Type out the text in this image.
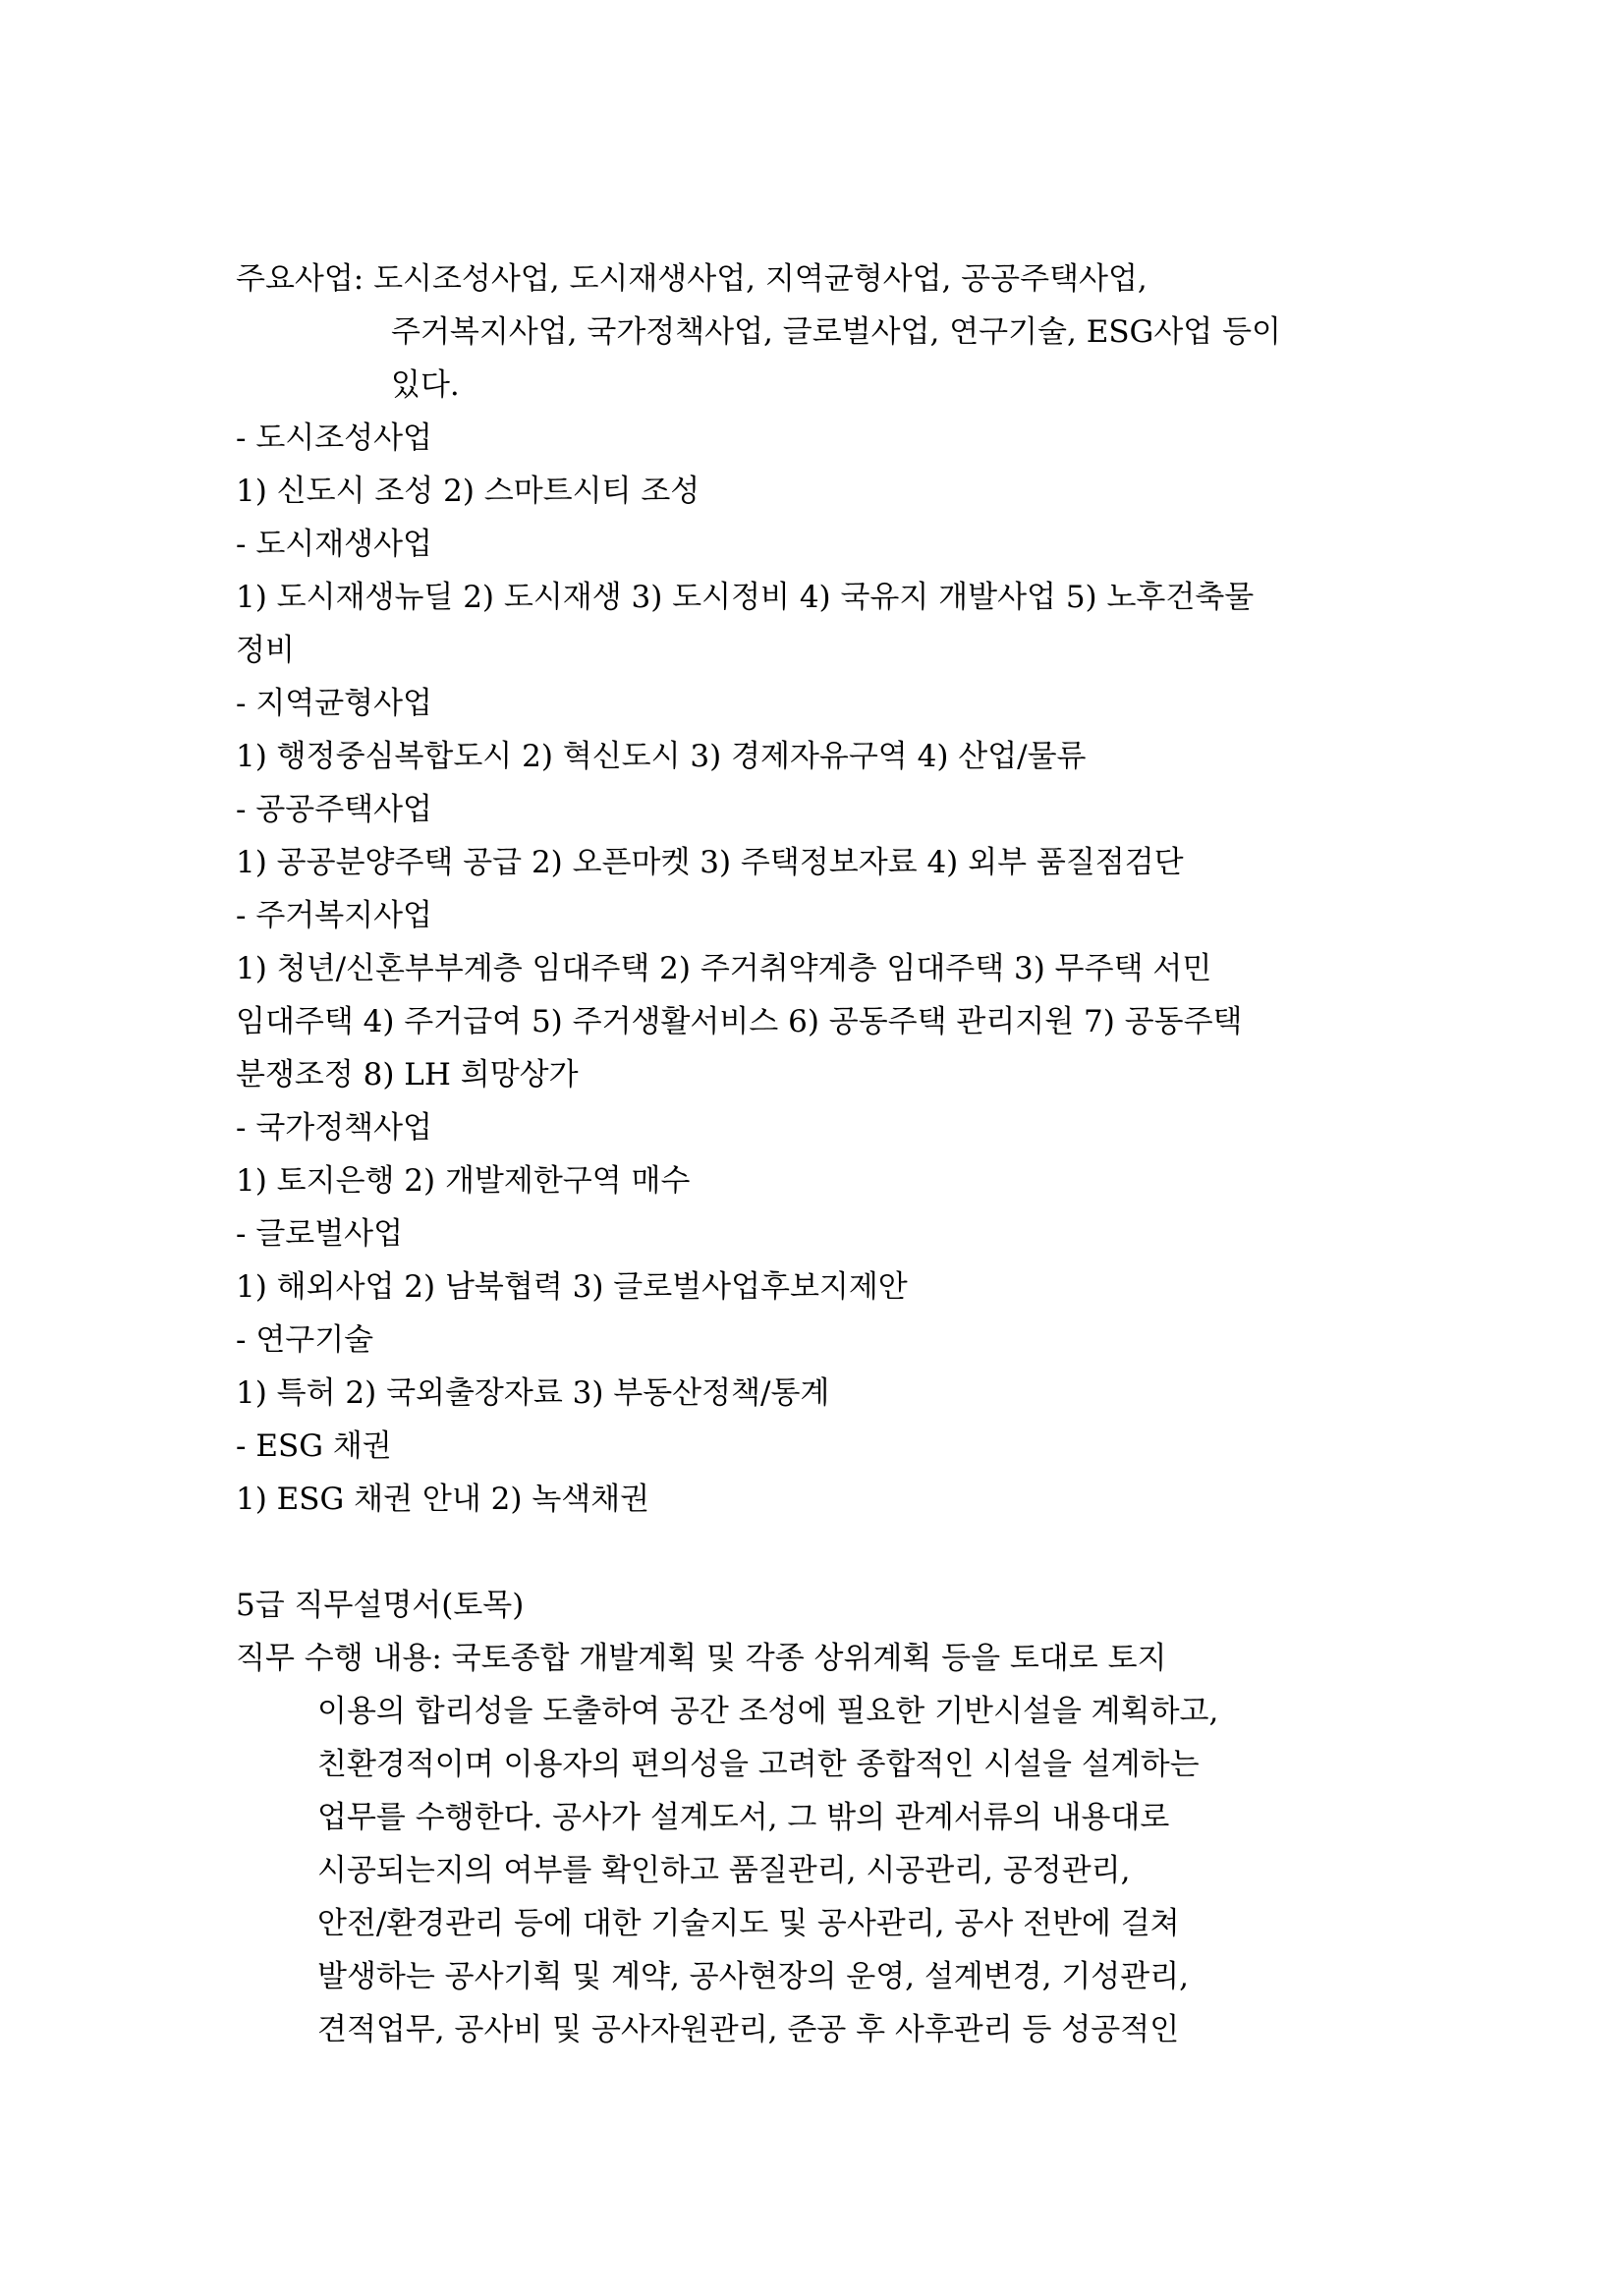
주요사업: 도시조성사업, 도시재생사업, 지역균형사업, 공공주택사업,
주거복지사업, 국가정책사업, 글로벌사업, 연구기술, ESG사업 등이
있다.
- 도시조성사업
1) 신도시 조성 2) 스마트시티 조성
- 도시재생사업
1) 도시재생뉴딜 2) 도시재생 3) 도시정비 4) 국유지 개발사업 5) 노후건축물
정비
- 지역균형사업
1) 행정중심복합도시 2) 혁신도시 3) 경제자유구역 4) 산업/물류
- 공공주택사업
1) 공공분양주택 공급 2) 오픈마켓 3) 주택정보자료 4) 외부 품질점검단
- 주거복지사업
1) 청년/신혼부부계층 임대주택 2) 주거취약계층 임대주택 3) 무주택 서민
임대주택 4) 주거급여 5) 주거생활서비스 6) 공동주택 관리지원 7) 공동주택
분쟁조정 8) LH 희망상가
- 국가정책사업
1) 토지은행 2) 개발제한구역 매수
- 글로벌사업
1) 해외사업 2) 남북협력 3) 글로벌사업후보지제안
- 연구기술
1) 특허 2) 국외출장자료 3) 부동산정책/통계
- ESG 채권
1) ESG 채권 안내 2) 녹색채권
5급 직무설명서(토목)
직무 수행 내용: 국토종합 개발계획 및 각종 상위계획 등을 토대로 토지
이용의 합리성을 도출하여 공간 조성에 필요한 기반시설을 계획하고,
친환경적이며 이용자의 편의성을 고려한 종합적인 시설을 설계하는
업무를 수행한다. 공사가 설계도서, 그 밖의 관계서류의 내용대로
시공되는지의 여부를 확인하고 품질관리, 시공관리, 공정관리,
안전/환경관리 등에 대한 기술지도 및 공사관리, 공사 전반에 걸쳐
발생하는 공사기획 및 계약, 공사현장의 운영, 설계변경, 기성관리,
견적업무, 공사비 및 공사자원관리, 준공 후 사후관리 등 성공적인
